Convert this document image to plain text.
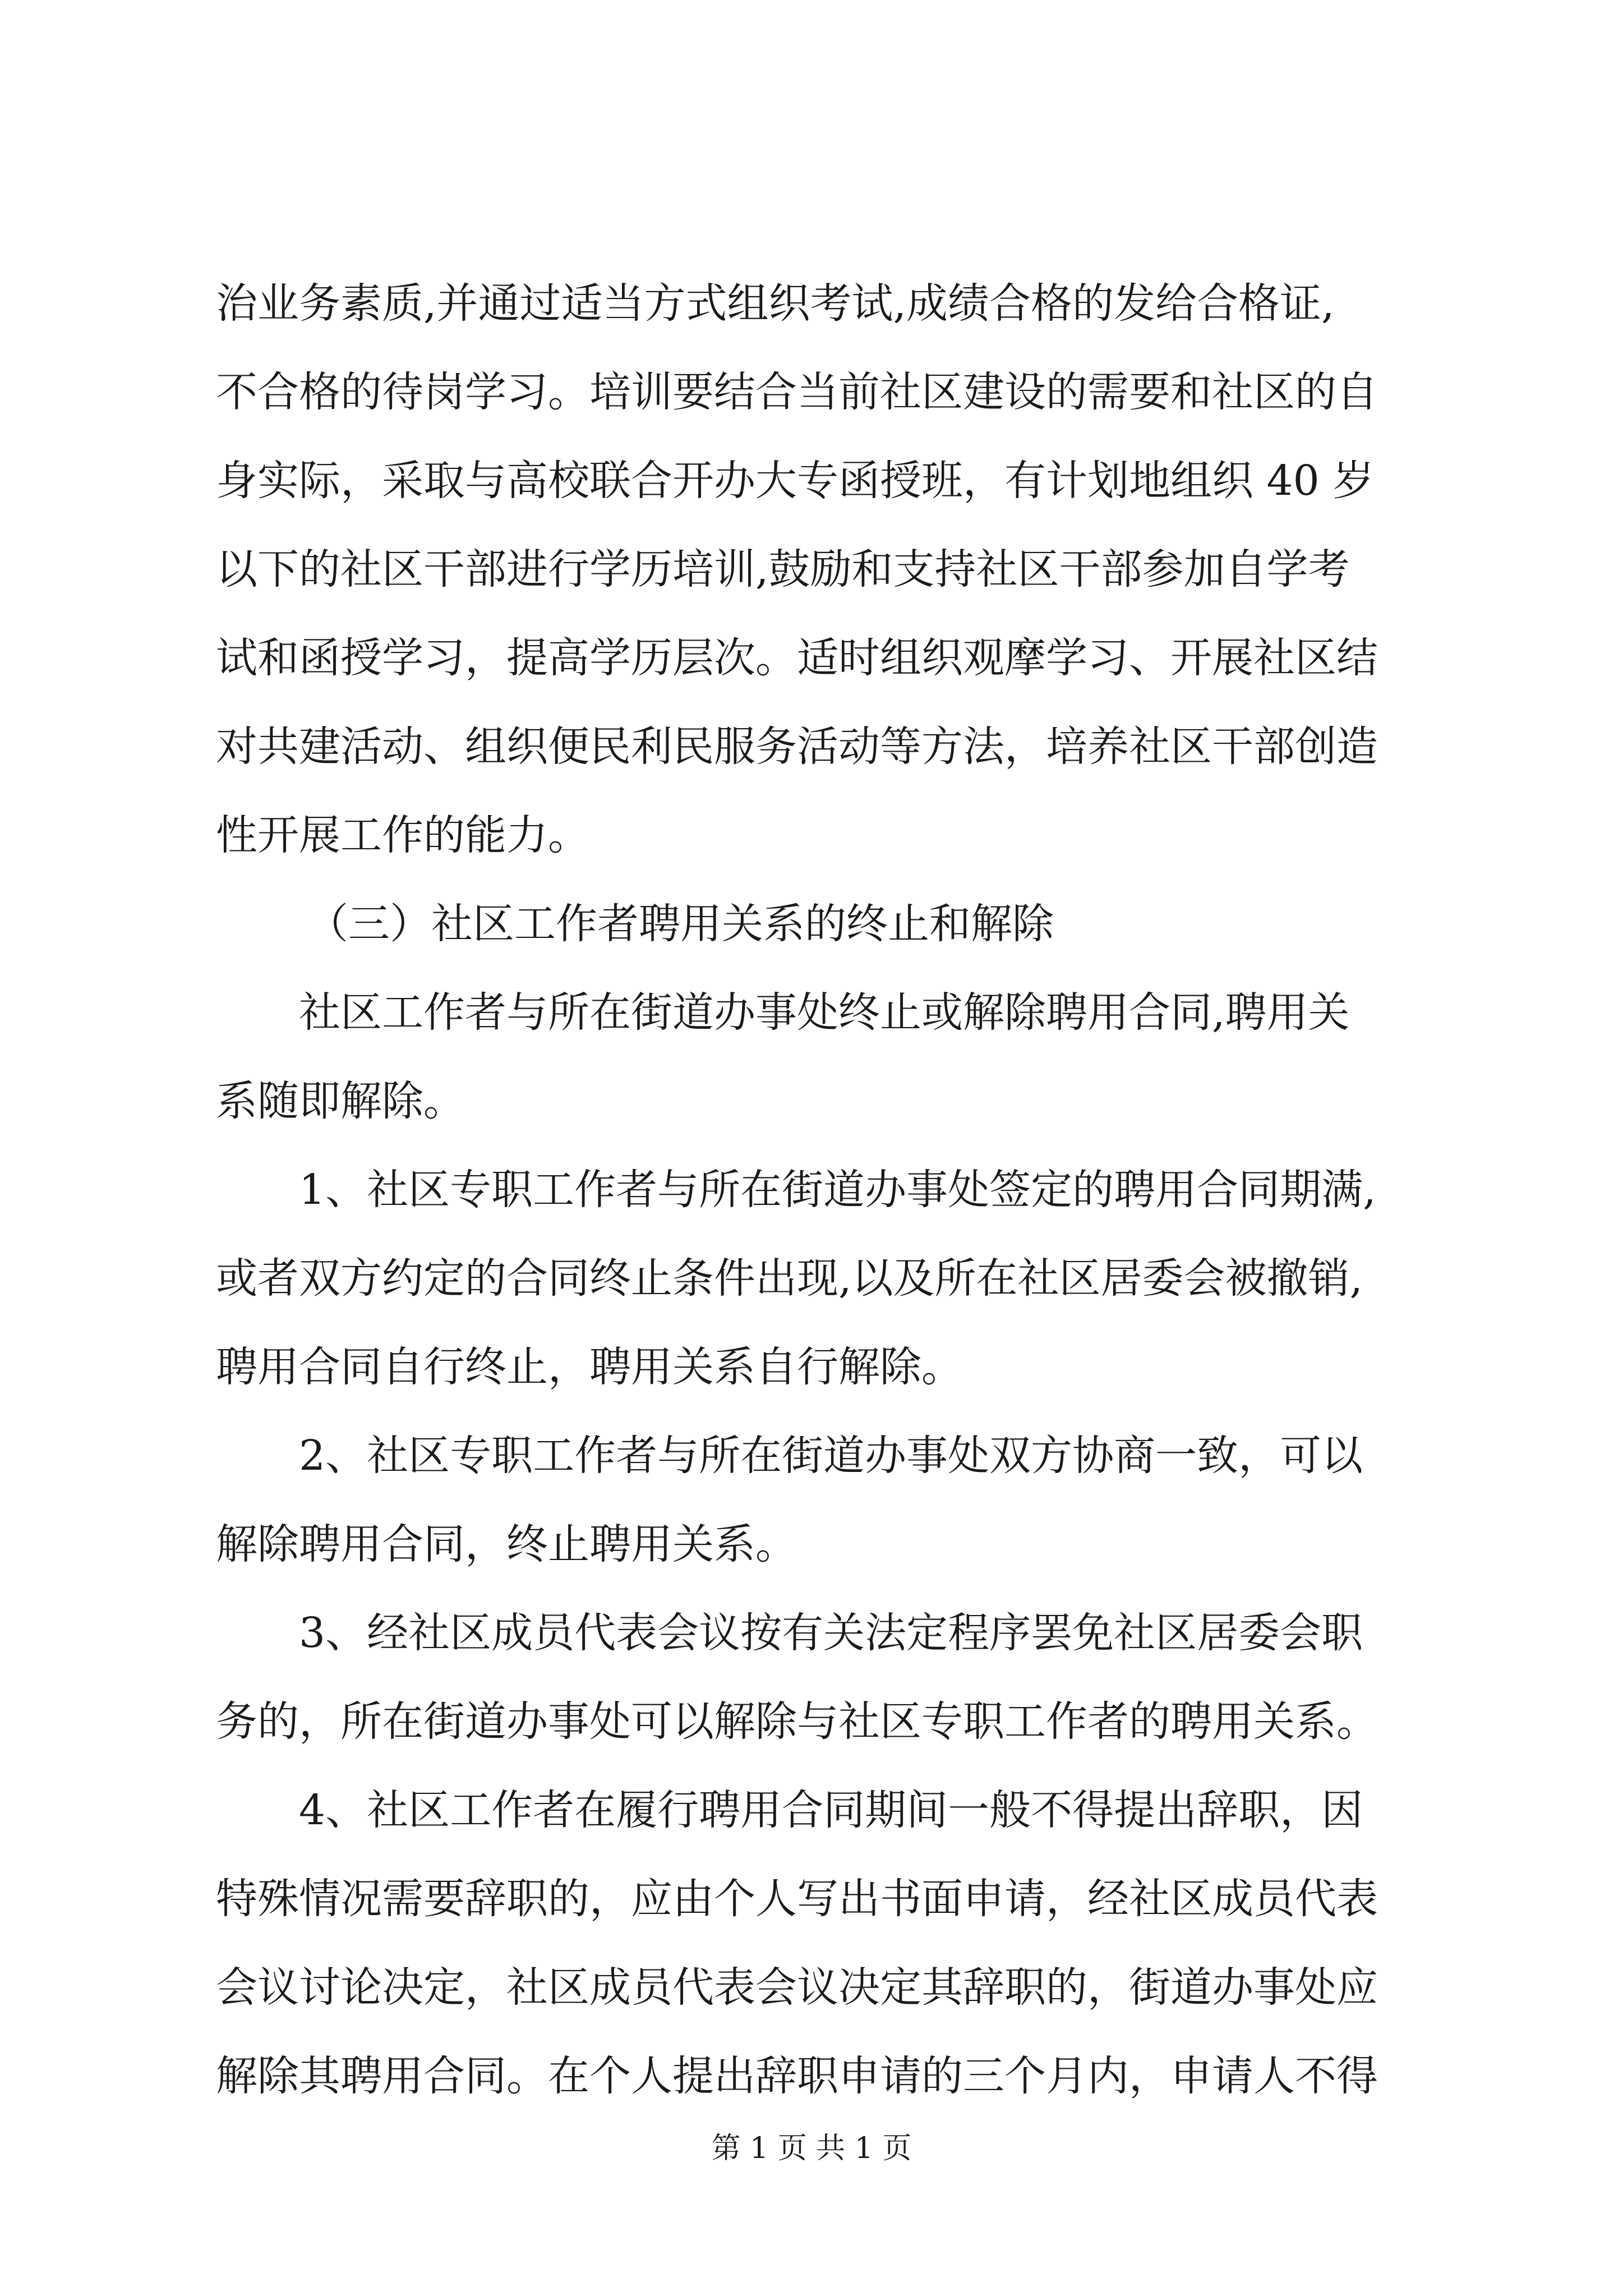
治业务素质,并通过适当方式组织考试,成绩合格的发给合格证,
不合格的待岗学习。培训要结合当前社区建设的需要和社区的自
身实际，采取与高校联合开办大专函授班，有计划地组织 40 岁
以下的社区干部进行学历培训,鼓励和支持社区干部参加自学考
试和函授学习，提高学历层次。适时组织观摩学习、开展社区结
对共建活动、组织便民利民服务活动等方法，培养社区干部创造
性开展工作的能力。
（三）社区工作者聘用关系的终止和解除
社区工作者与所在街道办事处终止或解除聘用合同,聘用关
系随即解除。
1、社区专职工作者与所在街道办事处签定的聘用合同期满,
或者双方约定的合同终止条件出现,以及所在社区居委会被撤销,
聘用合同自行终止，聘用关系自行解除。
2、社区专职工作者与所在街道办事处双方协商一致，可以
解除聘用合同，终止聘用关系。
3、经社区成员代表会议按有关法定程序罢免社区居委会职
务的，所在街道办事处可以解除与社区专职工作者的聘用关系。
4、社区工作者在履行聘用合同期间一般不得提出辞职，因
特殊情况需要辞职的，应由个人写出书面申请，经社区成员代表
会议讨论决定，社区成员代表会议决定其辞职的，街道办事处应
解除其聘用合同。在个人提出辞职申请的三个月内，申请人不得
第 1 页 共 1 页
